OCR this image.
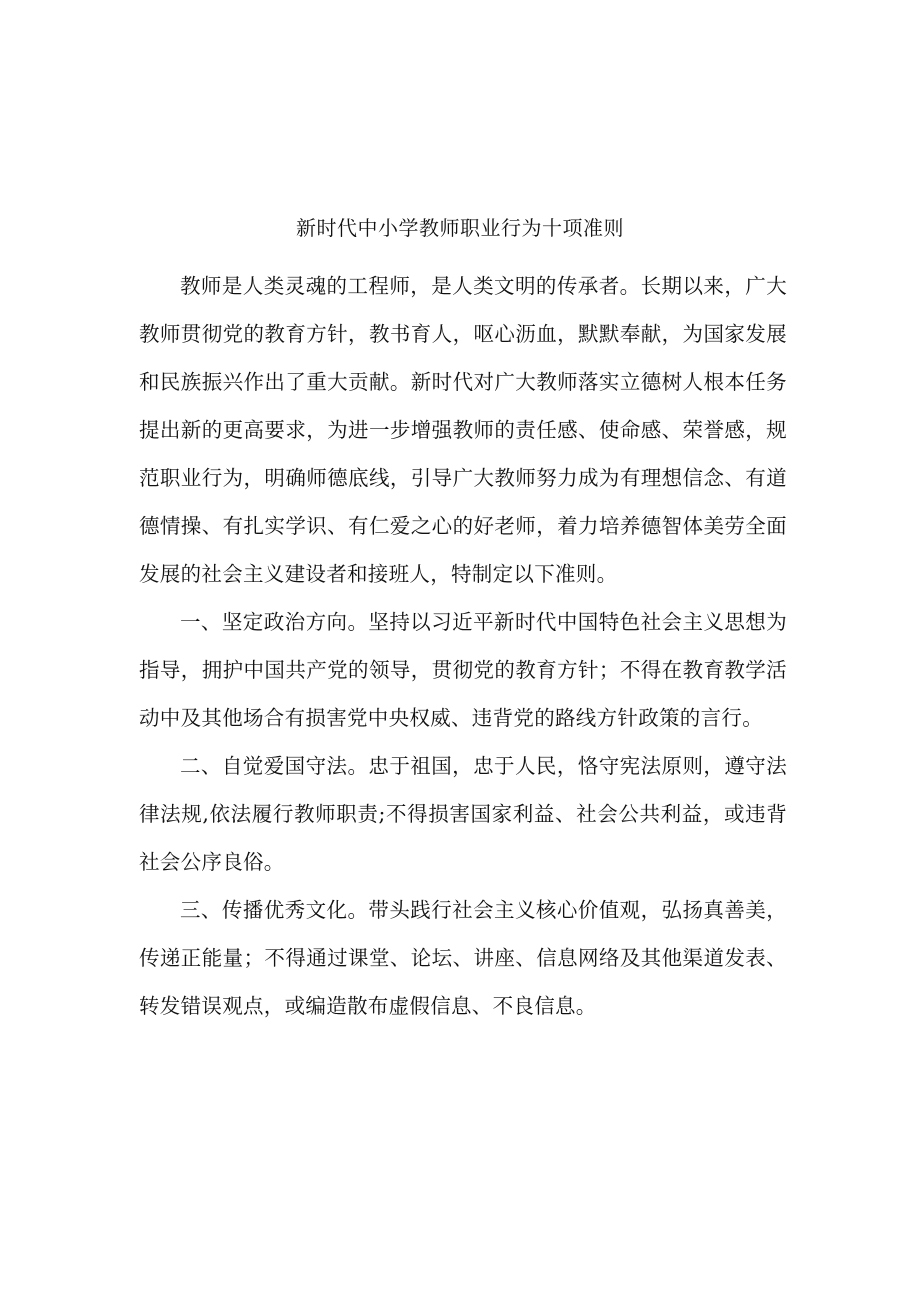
新时代中小学教师职业行为十项准则

教师是人类灵魂的工程师，是人类文明的传承者。长期以来，广大教师贯彻党的教育方针，教书育人，呕心沥血，默默奉献，为国家发展和民族振兴作出了重大贡献。新时代对广大教师落实立德树人根本任务提出新的更高要求，为进一步增强教师的责任感、使命感、荣誉感，规范职业行为，明确师德底线，引导广大教师努力成为有理想信念、有道德情操、有扎实学识、有仁爱之心的好老师，着力培养德智体美劳全面发展的社会主义建设者和接班人，特制定以下准则。

一、坚定政治方向。坚持以习近平新时代中国特色社会主义思想为指导，拥护中国共产党的领导，贯彻党的教育方针；不得在教育教学活动中及其他场合有损害党中央权威、违背党的路线方针政策的言行。

二、自觉爱国守法。忠于祖国，忠于人民，恪守宪法原则，遵守法律法规,依法履行教师职责;不得损害国家利益、社会公共利益，或违背社会公序良俗。

三、传播优秀文化。带头践行社会主义核心价值观，弘扬真善美，传递正能量；不得通过课堂、论坛、讲座、信息网络及其他渠道发表、转发错误观点，或编造散布虚假信息、不良信息。
